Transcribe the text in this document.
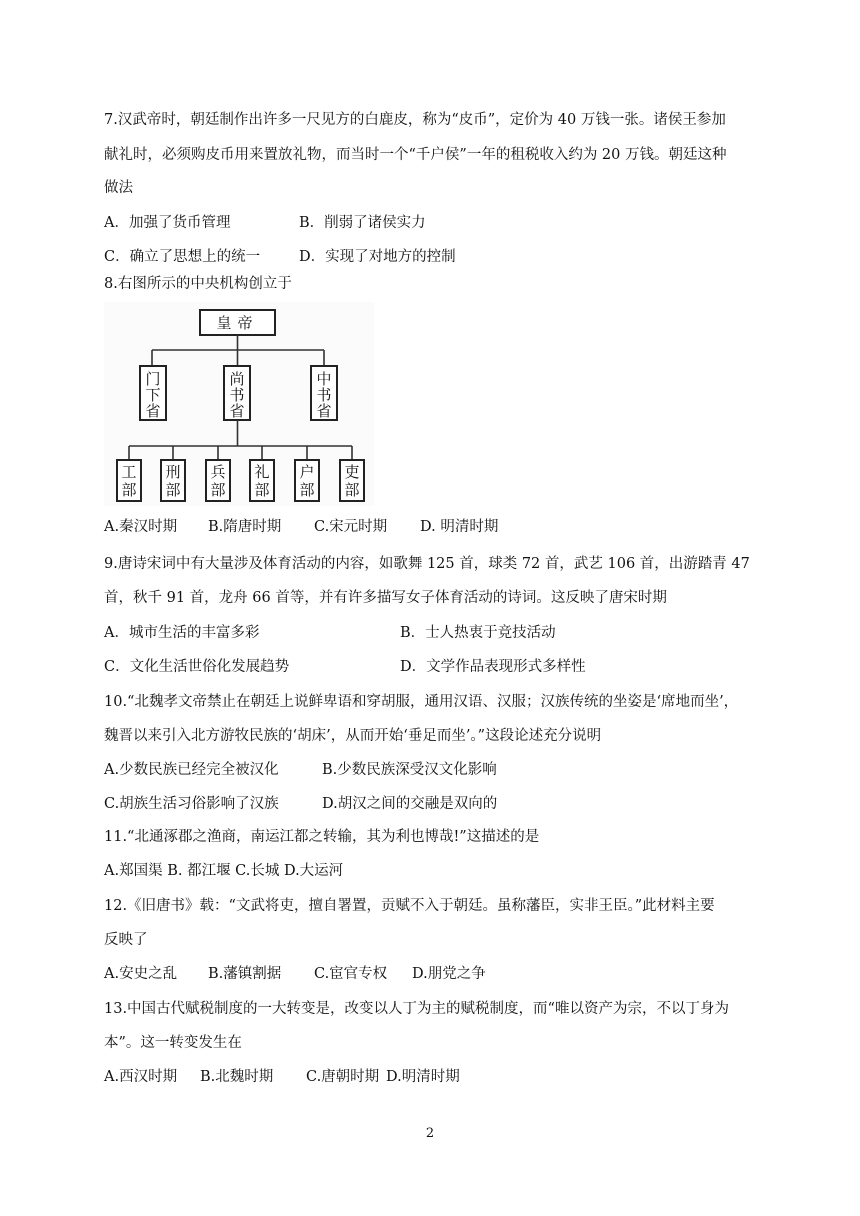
7.汉武帝时，朝廷制作出许多一尺见方的白鹿皮，称为“皮币”，定价为 40 万钱一张。诸侯王参加
献礼时，必须购皮币用来置放礼物，而当时一个“千户侯”一年的租税收入约为 20 万钱。朝廷这种
做法
A．加强了货币管理	B．削弱了诸侯实力
C．确立了思想上的统一	D．实现了对地方的控制
8.右图所示的中央机构创立于
皇帝
门
下
省
尚
书
省
中
书
省
工
部
刑
部
兵
部
礼
部
户
部
吏
部
A.秦汉时期 B.隋唐时期 C.宋元时期 D. 明清时期
9.唐诗宋词中有大量涉及体育活动的内容，如歌舞 125 首，球类 72 首，武艺 106 首，出游踏青 47
首，秋千 91 首，龙舟 66 首等，并有许多描写女子体育活动的诗词。这反映了唐宋时期
A．城市生活的丰富多彩	B．士人热衷于竞技活动
C．文化生活世俗化发展趋势	D．文学作品表现形式多样性
10.“北魏孝文帝禁止在朝廷上说鲜卑语和穿胡服，通用汉语、汉服；汉族传统的坐姿是‘席地而坐’，
魏晋以来引入北方游牧民族的‘胡床’，从而开始‘垂足而坐’。”这段论述充分说明
A.少数民族已经完全被汉化	B.少数民族深受汉文化影响
C.胡族生活习俗影响了汉族	D.胡汉之间的交融是双向的
11.“北通涿郡之渔商，南运江都之转输，其为利也博哉!”这描述的是
A.郑国渠 B. 都江堰 C.长城 D.大运河
12.《旧唐书》载：“文武将吏，擅自署置，贡赋不入于朝廷。虽称藩臣，实非王臣。”此材料主要
反映了
A.安史之乱 B.藩镇割据 C.宦官专权 D.朋党之争
13.中国古代赋税制度的一大转变是，改变以人丁为主的赋税制度，而“唯以资产为宗，不以丁身为
本”。这一转变发生在
A.西汉时期 B.北魏时期 C.唐朝时期 D.明清时期
2
